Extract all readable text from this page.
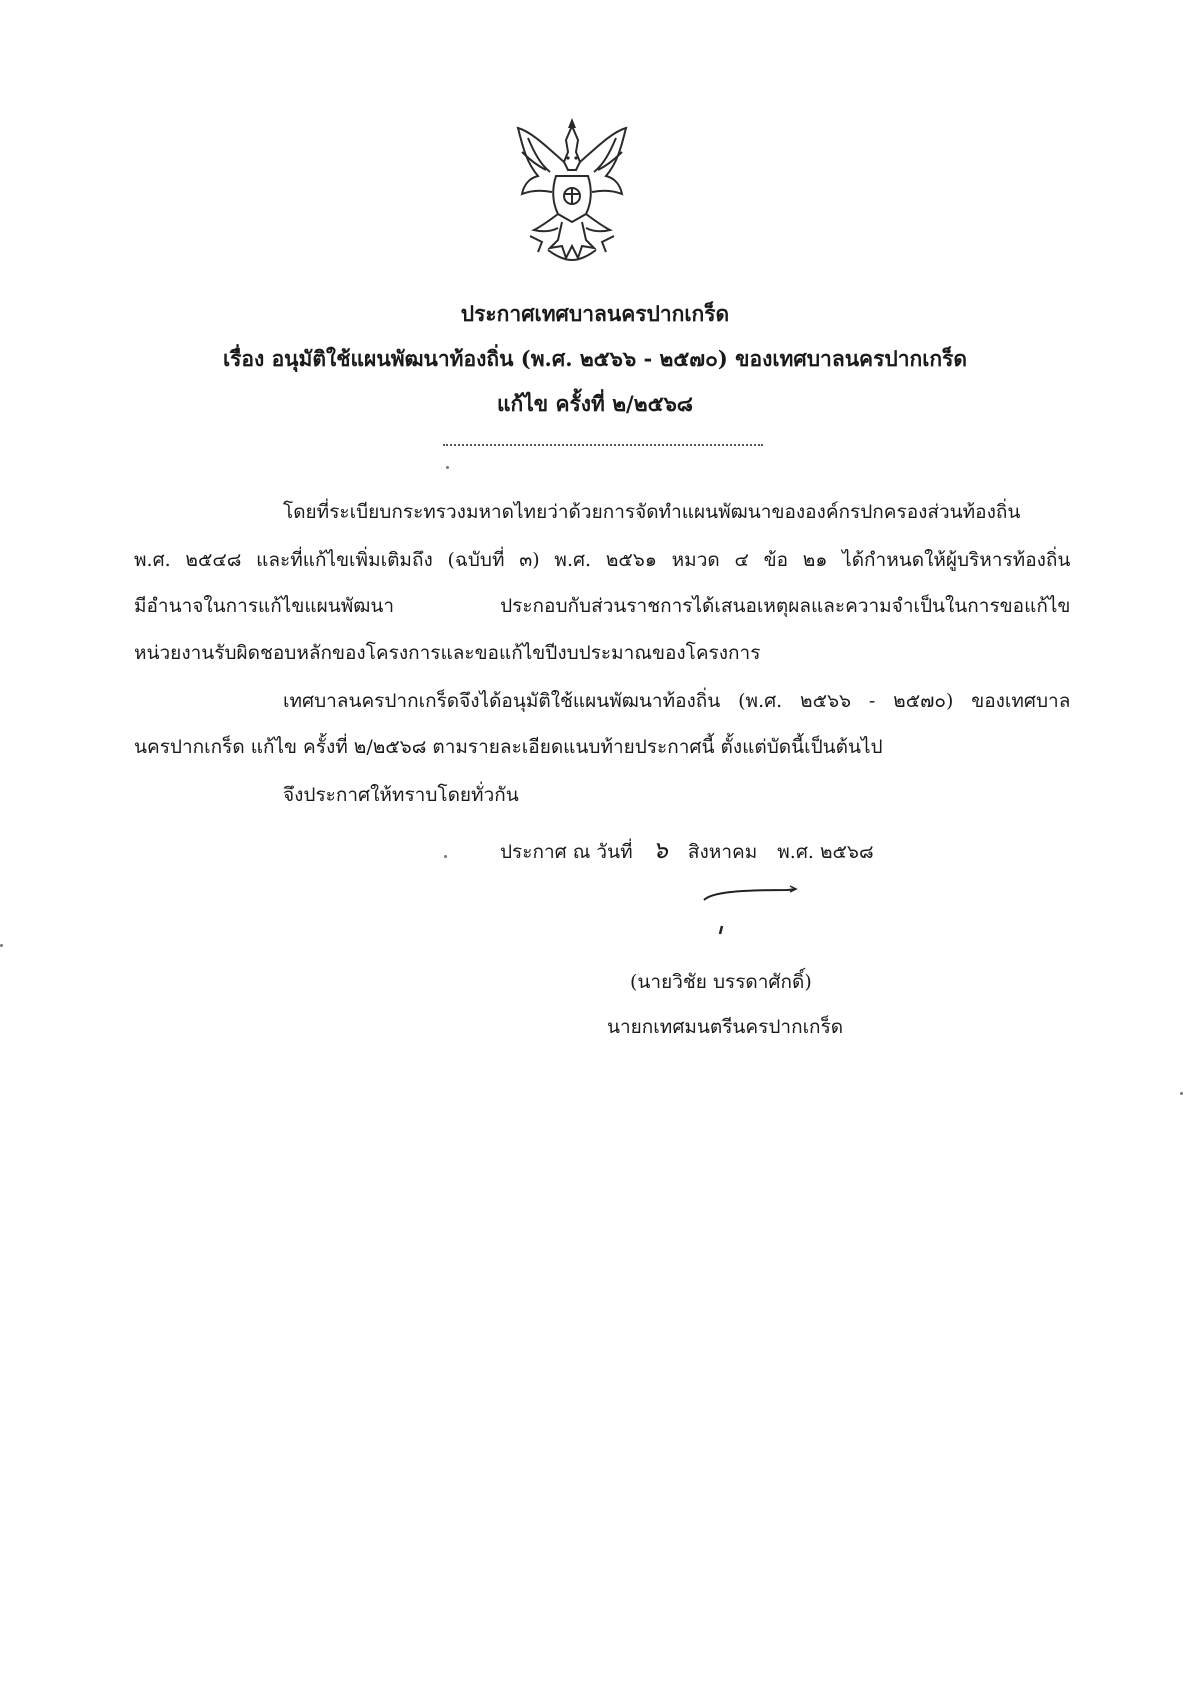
ประกาศเทศบาลนครปากเกร็ด
เรื่อง อนุมัติใช้แผนพัฒนาท้องถิ่น (พ.ศ. ๒๕๖๖ - ๒๕๗๐) ของเทศบาลนครปากเกร็ด
แก้ไข ครั้งที่ ๒/๒๕๖๘
โดยที่ระเบียบกระทรวงมหาดไทยว่าด้วยการจัดทำแผนพัฒนาขององค์กรปกครองส่วนท้องถิ่น
พ.ศ. ๒๕๔๘ และที่แก้ไขเพิ่มเติมถึง (ฉบับที่ ๓) พ.ศ. ๒๕๖๑ หมวด ๔ ข้อ ๒๑ ได้กำหนดให้ผู้บริหารท้องถิ่น
มีอำนาจในการแก้ไขแผนพัฒนา ประกอบกับส่วนราชการได้เสนอเหตุผลและความจำเป็นในการขอแก้ไข
หน่วยงานรับผิดชอบหลักของโครงการและขอแก้ไขปีงบประมาณของโครงการ
เทศบาลนครปากเกร็ดจึงได้อนุมัติใช้แผนพัฒนาท้องถิ่น (พ.ศ. ๒๕๖๖ - ๒๕๗๐) ของเทศบาล
นครปากเกร็ด แก้ไข ครั้งที่ ๒/๒๕๖๘ ตามรายละเอียดแนบท้ายประกาศนี้ ตั้งแต่บัดนี้เป็นต้นไป
จึงประกาศให้ทราบโดยทั่วกัน
ประกาศ ณ วันที่ ๖ สิงหาคม พ.ศ. ๒๕๖๘
(นายวิชัย บรรดาศักดิ์)
นายกเทศมนตรีนครปากเกร็ด
